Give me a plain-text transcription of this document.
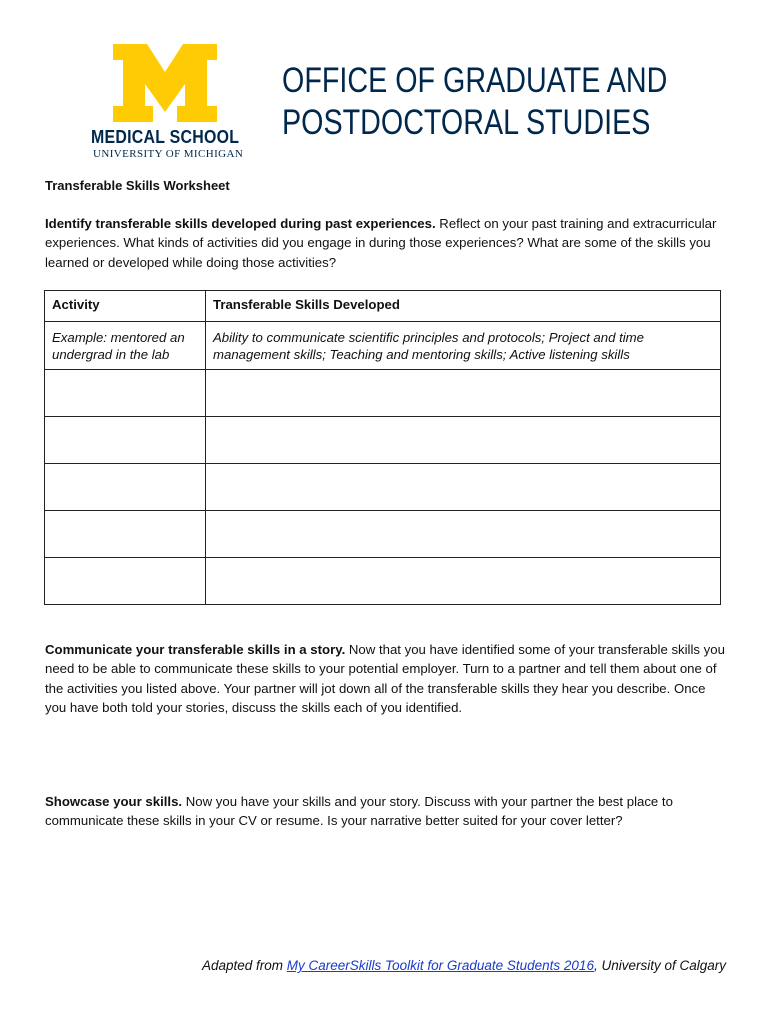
MEDICAL SCHOOL
UNIVERSITY OF MICHIGAN
OFFICE OF GRADUATE AND
POSTDOCTORAL STUDIES
Transferable Skills Worksheet
Identify transferable skills developed during past experiences. Reflect on your past training and extracurricular experiences. What kinds of activities did you engage in during those experiences? What are some of the skills you learned or developed while doing those activities?
Activity	Transferable Skills Developed
Example: mentored an undergrad in the lab	Ability to communicate scientific principles and protocols; Project and time management skills; Teaching and mentoring skills; Active listening skills

Communicate your transferable skills in a story. Now that you have identified some of your transferable skills you need to be able to communicate these skills to your potential employer. Turn to a partner and tell them about one of the activities you listed above. Your partner will jot down all of the transferable skills they hear you describe. Once you have both told your stories, discuss the skills each of you identified.
Showcase your skills. Now you have your skills and your story. Discuss with your partner the best place to communicate these skills in your CV or resume. Is your narrative better suited for your cover letter?
Adapted from My CareerSkills Toolkit for Graduate Students 2016, University of Calgary
